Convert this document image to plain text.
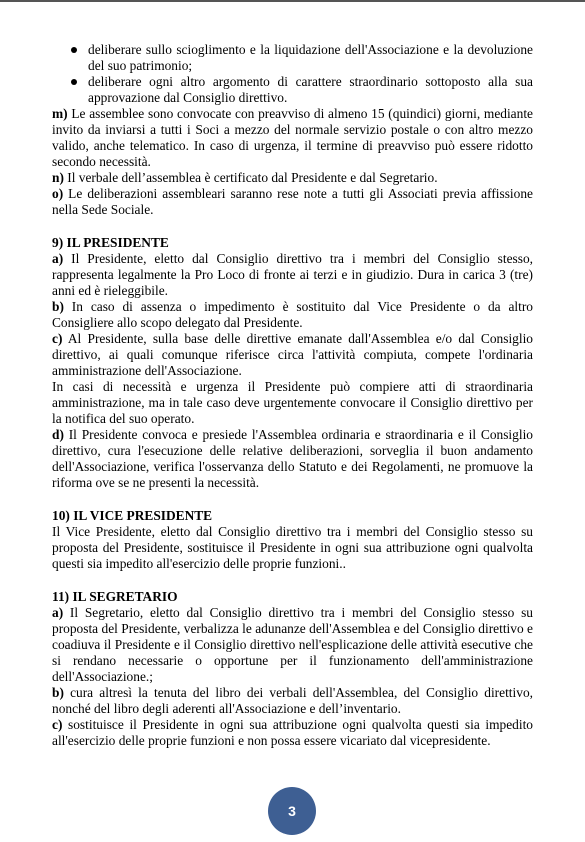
deliberare sullo scioglimento e la liquidazione dell'Associazione e la devoluzione del suo patrimonio;
deliberare ogni altro argomento di carattere straordinario sottoposto alla sua approvazione dal Consiglio direttivo.

m) Le assemblee sono convocate con preavviso di almeno 15 (quindici) giorni, mediante invito da inviarsi a tutti i Soci a mezzo del normale servizio postale o con altro mezzo valido, anche telematico. In caso di urgenza, il termine di preavviso può essere ridotto secondo necessità.

n) Il verbale dell’assemblea è certificato dal Presidente e dal Segretario.

o) Le deliberazioni assembleari saranno rese note a tutti gli Associati previa affissione nella Sede Sociale.

9) IL PRESIDENTE

a) Il Presidente, eletto dal Consiglio direttivo tra i membri del Consiglio stesso, rappresenta legalmente la Pro Loco di fronte ai terzi e in giudizio. Dura in carica 3 (tre) anni ed è rieleggibile.

b) In caso di assenza o impedimento è sostituito dal Vice Presidente o da altro Consigliere allo scopo delegato dal Presidente.

c) Al Presidente, sulla base delle direttive emanate dall'Assemblea e/o dal Consiglio direttivo, ai quali comunque riferisce circa l'attività compiuta, compete l'ordinaria amministrazione dell'Associazione.

In casi di necessità e urgenza il Presidente può compiere atti di straordinaria amministrazione, ma in tale caso deve urgentemente convocare il Consiglio direttivo per la notifica del suo operato.

d) Il Presidente convoca e presiede l'Assemblea ordinaria e straordinaria e il Consiglio direttivo, cura l'esecuzione delle relative deliberazioni, sorveglia il buon andamento dell'Associazione, verifica l'osservanza dello Statuto e dei Regolamenti, ne promuove la riforma ove se ne presenti la necessità.

10) IL VICE PRESIDENTE

Il Vice Presidente, eletto dal Consiglio direttivo tra i membri del Consiglio stesso su proposta del Presidente, sostituisce il Presidente in ogni sua attribuzione ogni qualvolta questi sia impedito all'esercizio delle proprie funzioni..

11) IL SEGRETARIO

a) Il Segretario, eletto dal Consiglio direttivo tra i membri del Consiglio stesso su proposta del Presidente, verbalizza le adunanze dell'Assemblea e del Consiglio direttivo e coadiuva il Presidente e il Consiglio direttivo nell'esplicazione delle attività esecutive che si rendano necessarie o opportune per il funzionamento dell'amministrazione dell'Associazione.;

b) cura altresì la tenuta del libro dei verbali dell'Assemblea, del Consiglio direttivo, nonché del libro degli aderenti all'Associazione e dell’inventario.

c) sostituisce il Presidente in ogni sua attribuzione ogni qualvolta questi sia impedito all'esercizio delle proprie funzioni e non possa essere vicariato dal vicepresidente.

3
